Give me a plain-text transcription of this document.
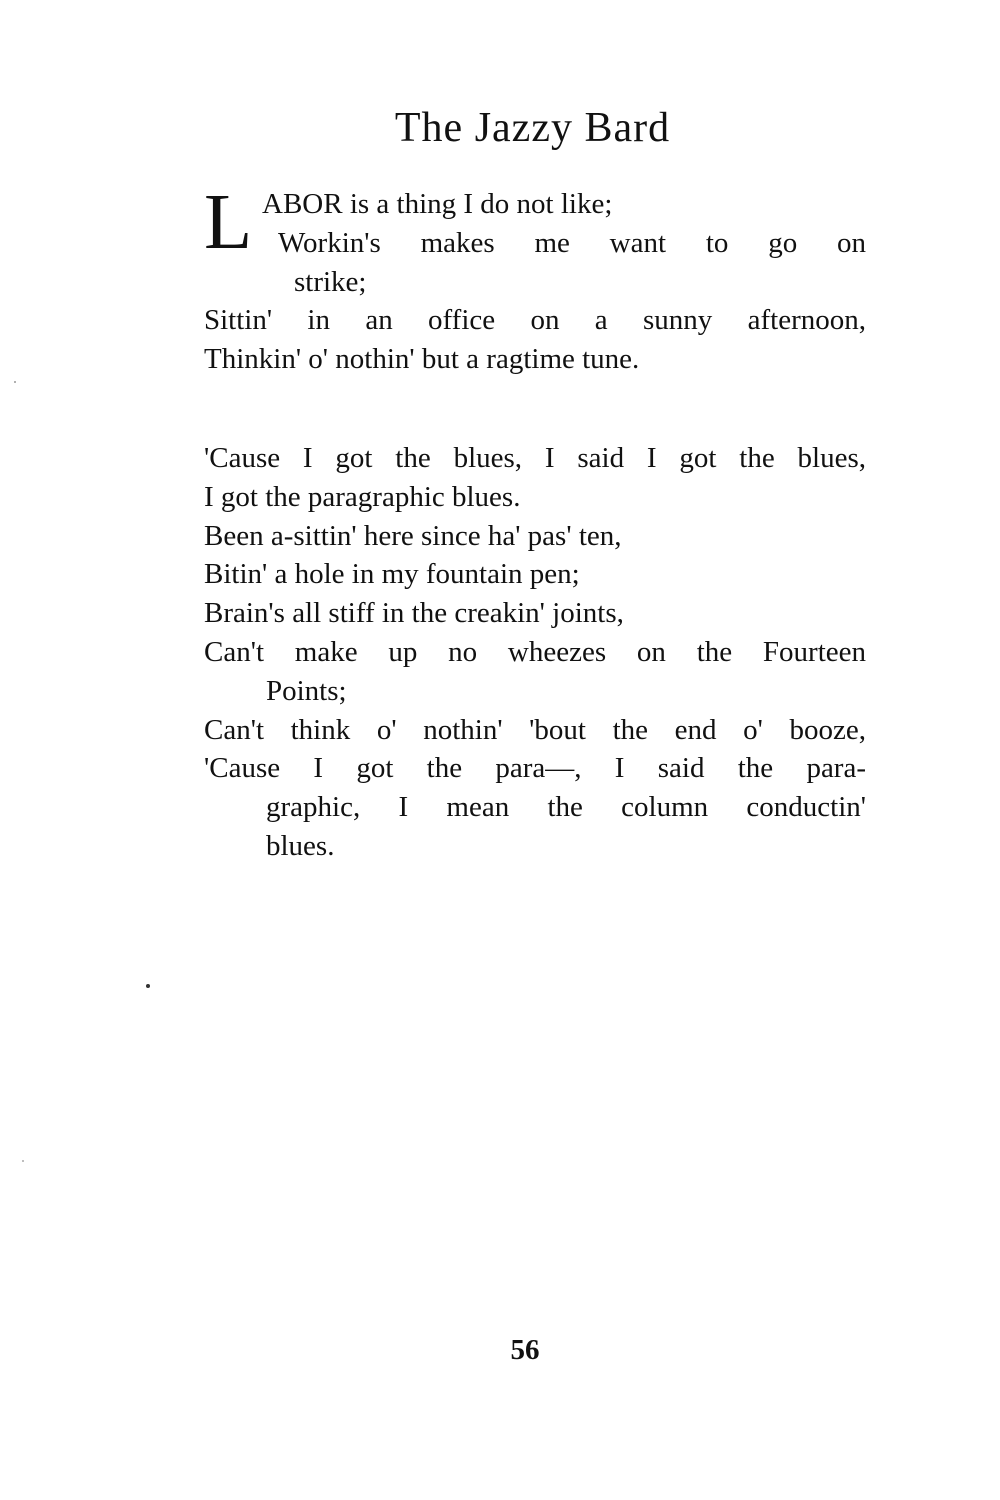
The Jazzy Bard
L ABOR is a thing I do not like;
Workin's makes me want to go on
strike;
Sittin' in an office on a sunny afternoon,
Thinkin' o' nothin' but a ragtime tune.
'Cause I got the blues, I said I got the blues,
I got the paragraphic blues.
Been a-sittin' here since ha' pas' ten,
Bitin' a hole in my fountain pen;
Brain's all stiff in the creakin' joints,
Can't make up no wheezes on the Fourteen
Points;
Can't think o' nothin' 'bout the end o' booze,
'Cause I got the para—, I said the para-
graphic, I mean the column conductin'
blues.
56
